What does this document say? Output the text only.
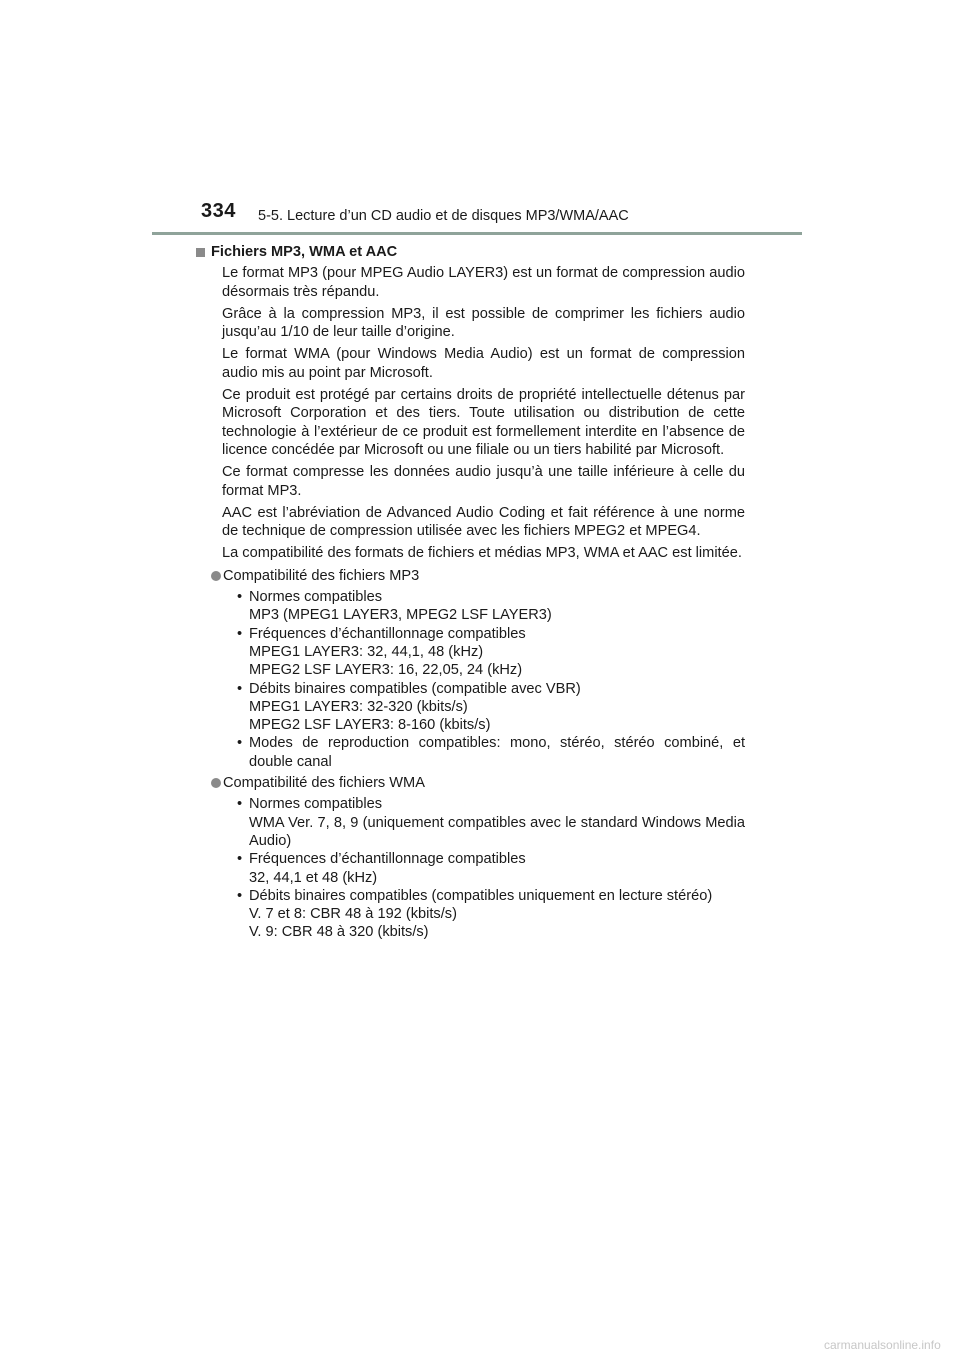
334 5-5. Lecture d’un CD audio et de disques MP3/WMA/AAC
Fichiers MP3, WMA et AAC

Le format MP3 (pour MPEG Audio LAYER3) est un format de compression audio désormais très répandu.

Grâce à la compression MP3, il est possible de comprimer les fichiers audio jusqu’au 1/10 de leur taille d’origine.

Le format WMA (pour Windows Media Audio) est un format de compression audio mis au point par Microsoft.

Ce produit est protégé par certains droits de propriété intellectuelle détenus par Microsoft Corporation et des tiers. Toute utilisation ou distribution de cette technologie à l’extérieur de ce produit est formellement interdite en l’absence de licence concédée par Microsoft ou une filiale ou un tiers habilité par Microsoft.

Ce format compresse les données audio jusqu’à une taille inférieure à celle du format MP3.

AAC est l’abréviation de Advanced Audio Coding et fait référence à une norme de technique de compression utilisée avec les fichiers MPEG2 et MPEG4.

La compatibilité des formats de fichiers et médias MP3, WMA et AAC est limitée.

Compatibilité des fichiers MP3
• Normes compatibles
MP3 (MPEG1 LAYER3, MPEG2 LSF LAYER3)
• Fréquences d’échantillonnage compatibles
MPEG1 LAYER3: 32, 44,1, 48 (kHz)
MPEG2 LSF LAYER3: 16, 22,05, 24 (kHz)
• Débits binaires compatibles (compatible avec VBR)
MPEG1 LAYER3: 32-320 (kbits/s)
MPEG2 LSF LAYER3: 8-160 (kbits/s)
• Modes de reproduction compatibles: mono, stéréo, stéréo combiné, et double canal
Compatibilité des fichiers WMA
• Normes compatibles
WMA Ver. 7, 8, 9 (uniquement compatibles avec le standard Windows Media Audio)
• Fréquences d’échantillonnage compatibles
32, 44,1 et 48 (kHz)
• Débits binaires compatibles (compatibles uniquement en lecture stéréo)
V. 7 et 8: CBR 48 à 192 (kbits/s)
V. 9: CBR 48 à 320 (kbits/s)
carmanualsonline.info
